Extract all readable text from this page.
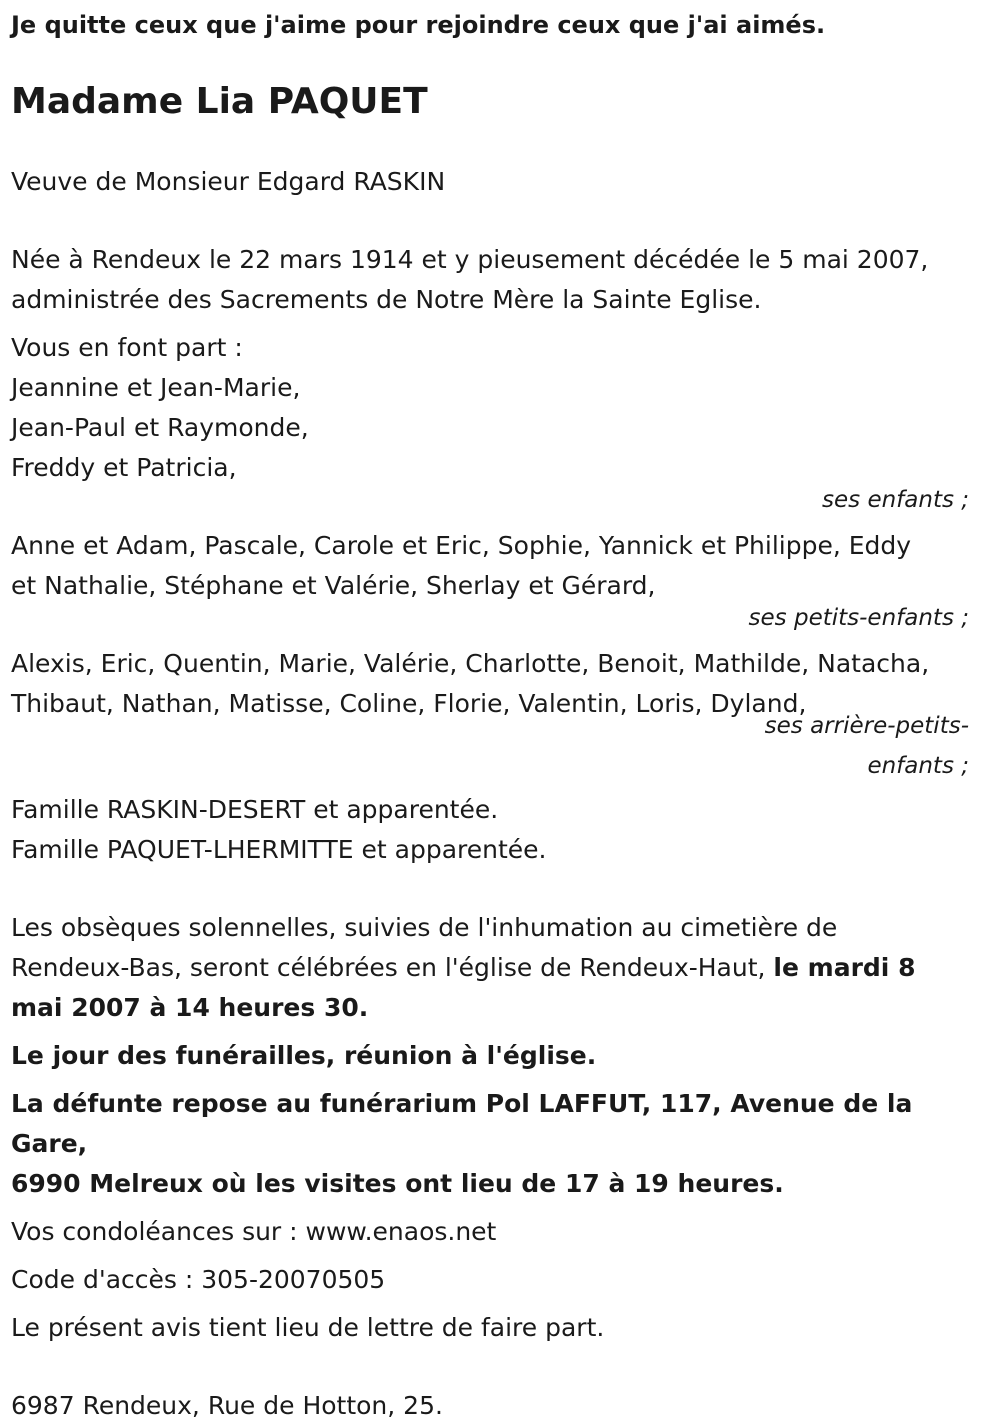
Je quitte ceux que j'aime pour rejoindre ceux que j'ai aimés.

Madame Lia PAQUET

Veuve de Monsieur Edgard RASKIN

Née à Rendeux le 22 mars 1914 et y pieusement décédée le 5 mai 2007,

administrée des Sacrements de Notre Mère la Sainte Eglise.

Vous en font part :

Jeannine et Jean-Marie,

Jean-Paul et Raymonde,

Freddy et Patricia,

ses enfants ;

Anne et Adam, Pascale, Carole et Eric, Sophie, Yannick et Philippe, Eddy

et Nathalie, Stéphane et Valérie, Sherlay et Gérard,

ses petits-enfants ;

Alexis, Eric, Quentin, Marie, Valérie, Charlotte, Benoit, Mathilde, Natacha,

Thibaut, Nathan, Matisse, Coline, Florie, Valentin, Loris, Dyland,

ses arrière-petits-enfants ;

Famille RASKIN-DESERT et apparentée.

Famille PAQUET-LHERMITTE et apparentée.

Les obsèques solennelles, suivies de l'inhumation au cimetière de

Rendeux-Bas, seront célébrées en l'église de Rendeux-Haut, le mardi 8

mai 2007 à 14 heures 30.

Le jour des funérailles, réunion à l'église.

La défunte repose au funérarium Pol LAFFUT, 117, Avenue de la Gare,

6990 Melreux où les visites ont lieu de 17 à 19 heures.

Vos condoléances sur : www.enaos.net

Code d'accès : 305-20070505

Le présent avis tient lieu de lettre de faire part.

6987 Rendeux, Rue de Hotton, 25.
